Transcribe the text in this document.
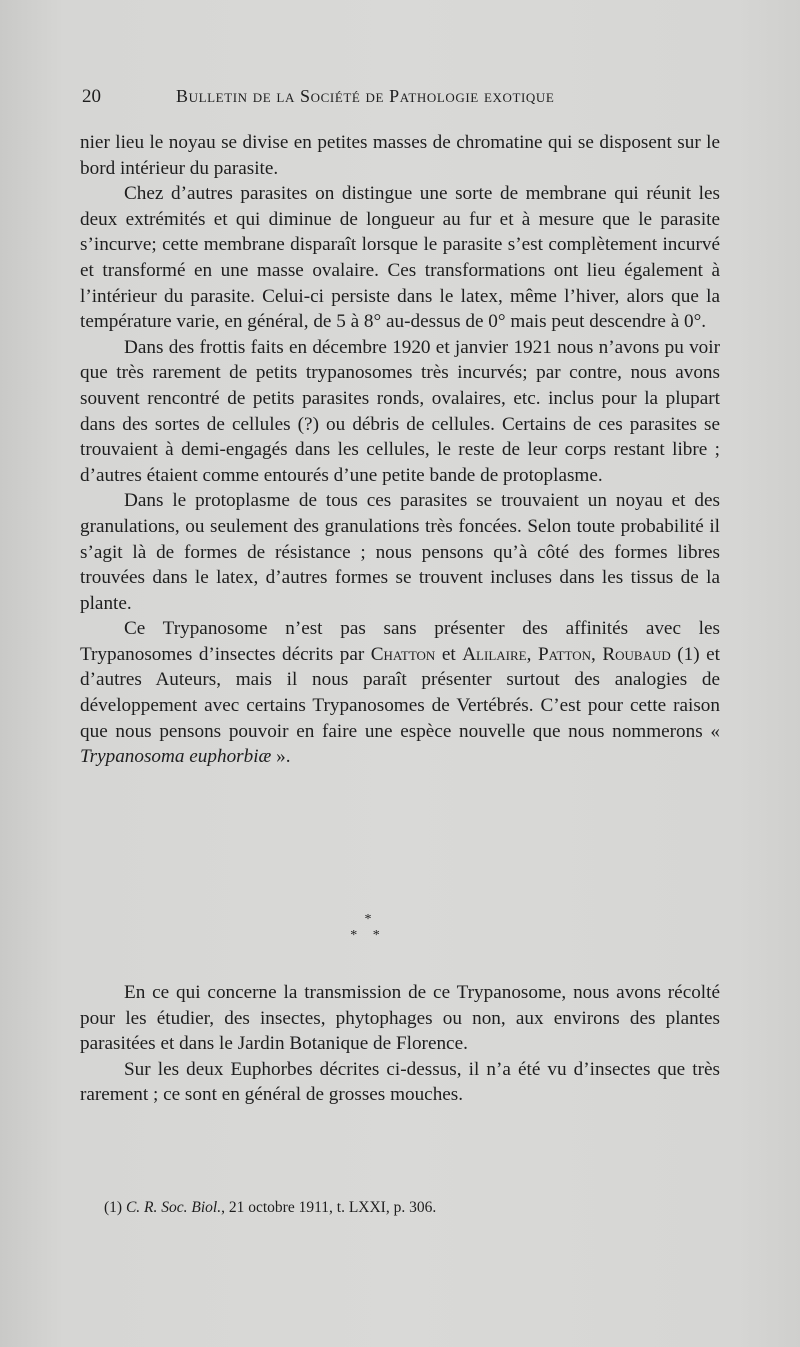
20	Bulletin de la Société de Pathologie exotique

nier lieu le noyau se divise en petites masses de chromatine qui se disposent sur le bord intérieur du parasite.

Chez d’autres parasites on distingue une sorte de membrane qui réunit les deux extrémités et qui diminue de longueur au fur et à mesure que le parasite s’incurve; cette membrane disparaît lorsque le parasite s’est complètement incurvé et transformé en une masse ovalaire. Ces transformations ont lieu également à l’intérieur du parasite. Celui-ci persiste dans le latex, même l’hiver, alors que la température varie, en général, de 5 à 8° au-dessus de 0° mais peut descendre à 0°.

Dans des frottis faits en décembre 1920 et janvier 1921 nous n’avons pu voir que très rarement de petits trypanosomes très incurvés; par contre, nous avons souvent rencontré de petits parasites ronds, ovalaires, etc. inclus pour la plupart dans des sortes de cellules (?) ou débris de cellules. Certains de ces parasites se trouvaient à demi-engagés dans les cellules, le reste de leur corps restant libre ; d’autres étaient comme entourés d’une petite bande de protoplasme.

Dans le protoplasme de tous ces parasites se trouvaient un noyau et des granulations, ou seulement des granulations très foncées. Selon toute probabilité il s’agit là de formes de résistance ; nous pensons qu’à côté des formes libres trouvées dans le latex, d’autres formes se trouvent incluses dans les tissus de la plante.

Ce Trypanosome n’est pas sans présenter des affinités avec les Trypanosomes d’insectes décrits par Chatton et Alilaire, Patton, Roubaud (1) et d’autres Auteurs, mais il nous paraît présenter surtout des analogies de développement avec certains Trypanosomes de Vertébrés. C’est pour cette raison que nous pensons pouvoir en faire une espèce nouvelle que nous nommerons « Trypanosoma euphorbiæ ».

*
* *

En ce qui concerne la transmission de ce Trypanosome, nous avons récolté pour les étudier, des insectes, phytophages ou non, aux environs des plantes parasitées et dans le Jardin Botanique de Florence.

Sur les deux Euphorbes décrites ci-dessus, il n’a été vu d’insectes que très rarement ; ce sont en général de grosses mouches.

(1) C. R. Soc. Biol., 21 octobre 1911, t. LXXI, p. 306.
